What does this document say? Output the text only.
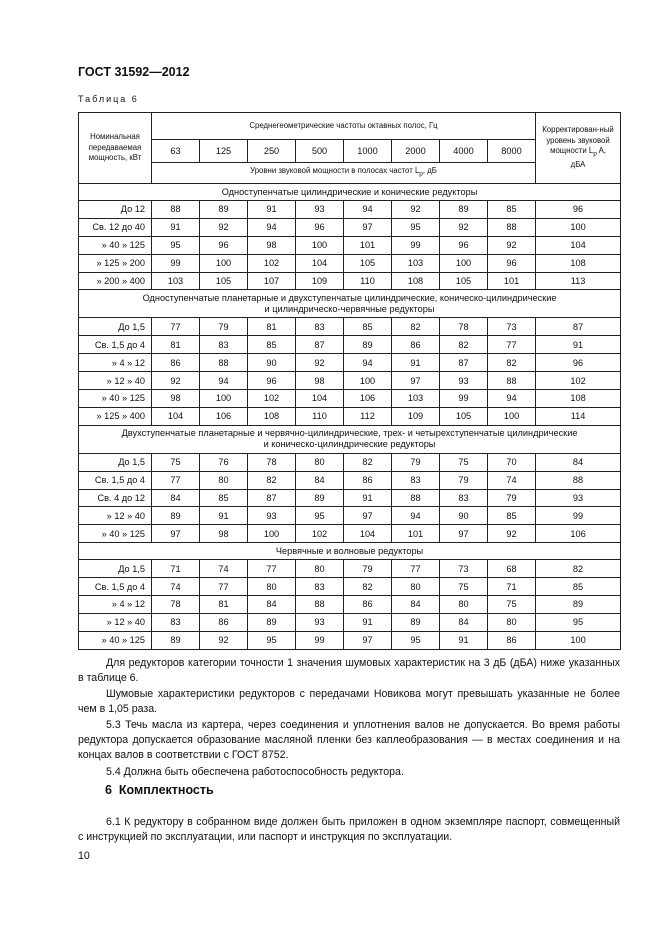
ГОСТ 31592—2012
Таблица 6
Номинальная передаваемая мощность, кВт	Среднегеометрические частоты октавных полос, Гц								Корректирован-ный уровень звуковой мощности $L_p$ A,
дБА
	63	125	250	500	1000	2000	4000	8000	
	Уровни звуковой мощности в полосах частот $L_p$, дБ								
Одноступенчатые цилиндрические и конические редукторы									
До 12	88	89	91	93	94	92	89	85	96
Св. 12 до 40	91	92	94	96	97	95	92	88	100
» 40 » 125	95	96	98	100	101	99	96	92	104
» 125 » 200	99	100	102	104	105	103	100	96	108
» 200 » 400	103	105	107	109	110	108	105	101	113
Одноступенчатые планетарные и двухступенчатые цилиндрические, коническо-цилиндрические
и цилиндрическо-червячные редукторы									
До 1,5	77	79	81	83	85	82	78	73	87
Св. 1,5 до 4	81	83	85	87	89	86	82	77	91
» 4 » 12	86	88	90	92	94	91	87	82	96
» 12 » 40	92	94	96	98	100	97	93	88	102
» 40 » 125	98	100	102	104	106	103	99	94	108
» 125 » 400	104	106	108	110	112	109	105	100	114
Двухступенчатые планетарные и червячно-цилиндрические, трех- и четырехступенчатые цилиндрические
и коническо-цилиндрические редукторы									
До 1,5	75	76	78	80	82	79	75	70	84
Св. 1,5 до 4	77	80	82	84	86	83	79	74	88
Св. 4 до 12	84	85	87	89	91	88	83	79	93
» 12 » 40	89	91	93	95	97	94	90	85	99
» 40 » 125	97	98	100	102	104	101	97	92	106
Червячные и волновые редукторы									
До 1,5	71	74	77	80	79	77	73	68	82
Св. 1,5 до 4	74	77	80	83	82	80	75	71	85
» 4 » 12	78	81	84	88	86	84	80	75	89
» 12 » 40	83	86	89	93	91	89	84	80	95
» 40 » 125	89	92	95	99	97	95	91	86	100
Для редукторов категории точности 1 значения шумовых характеристик на 3 дБ (дБА) ниже указанных в таблице 6.
Шумовые характеристики редукторов с передачами Новикова могут превышать указанные не более чем в 1,05 раза.
5.3 Течь масла из картера, через соединения и уплотнения валов не допускается. Во время работы редуктора допускается образование масляной пленки без каплеобразования — в местах соединения и на концах валов в соответствии с ГОСТ 8752.
5.4 Должна быть обеспечена работоспособность редуктора.
6 Комплектность
6.1 К редуктору в собранном виде должен быть приложен в одном экземпляре паспорт, совмещенный с инструкцией по эксплуатации, или паспорт и инструкция по эксплуатации.
10
